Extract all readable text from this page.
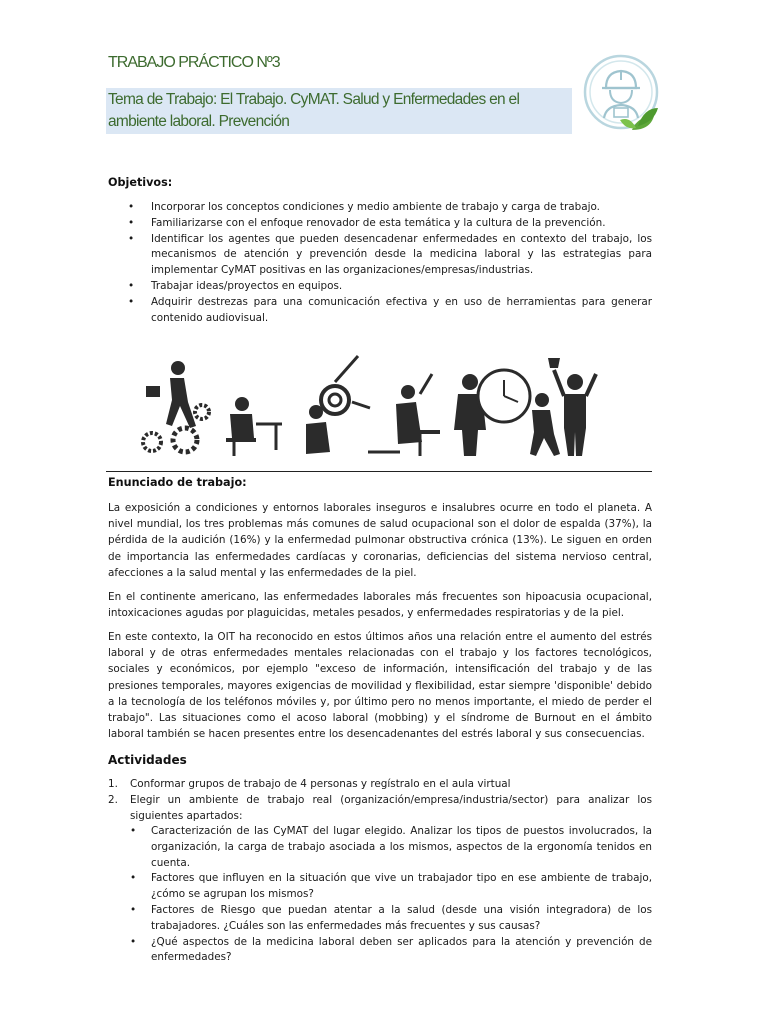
TRABAJO PRÁCTICO Nº3
Tema de Trabajo: El Trabajo. CyMAT. Salud y Enfermedades en el ambiente laboral. Prevención
Objetivos:
• Incorporar los conceptos condiciones y medio ambiente de trabajo y carga de trabajo.
• Familiarizarse con el enfoque renovador de esta temática y la cultura de la prevención.
• Identificar los agentes que pueden desencadenar enfermedades en contexto del trabajo, los mecanismos de atención y prevención desde la medicina laboral y las estrategias para implementar CyMAT positivas en las organizaciones/empresas/industrias.
• Trabajar ideas/proyectos en equipos.
• Adquirir destrezas para una comunicación efectiva y en uso de herramientas para generar contenido audiovisual.
Enunciado de trabajo:

La exposición a condiciones y entornos laborales inseguros e insalubres ocurre en todo el planeta. A nivel mundial, los tres problemas más comunes de salud ocupacional son el dolor de espalda (37%), la pérdida de la audición (16%) y la enfermedad pulmonar obstructiva crónica (13%). Le siguen en orden de importancia las enfermedades cardíacas y coronarias, deficiencias del sistema nervioso central, afecciones a la salud mental y las enfermedades de la piel.

En el continente americano, las enfermedades laborales más frecuentes son hipoacusia ocupacional, intoxicaciones agudas por plaguicidas, metales pesados, y enfermedades respiratorias y de la piel.

En este contexto, la OIT ha reconocido en estos últimos años una relación entre el aumento del estrés laboral y de otras enfermedades mentales relacionadas con el trabajo y los factores tecnológicos, sociales y económicos, por ejemplo "exceso de información, intensificación del trabajo y de las presiones temporales, mayores exigencias de movilidad y flexibilidad, estar siempre 'disponible' debido a la tecnología de los teléfonos móviles y, por último pero no menos importante, el miedo de perder el trabajo". Las situaciones como el acoso laboral (mobbing) y el síndrome de Burnout en el ámbito laboral también se hacen presentes entre los desencadenantes del estrés laboral y sus consecuencias.

Actividades
1. Conformar grupos de trabajo de 4 personas y regístralo en el aula virtual
2. Elegir un ambiente de trabajo real (organización/empresa/industria/sector) para analizar los siguientes apartados:
• Caracterización de las CyMAT del lugar elegido. Analizar los tipos de puestos involucrados, la organización, la carga de trabajo asociada a los mismos, aspectos de la ergonomía tenidos en cuenta.
• Factores que influyen en la situación que vive un trabajador tipo en ese ambiente de trabajo, ¿cómo se agrupan los mismos?
• Factores de Riesgo que puedan atentar a la salud (desde una visión integradora) de los trabajadores. ¿Cuáles son las enfermedades más frecuentes y sus causas?
• ¿Qué aspectos de la medicina laboral deben ser aplicados para la atención y prevención de enfermedades?
